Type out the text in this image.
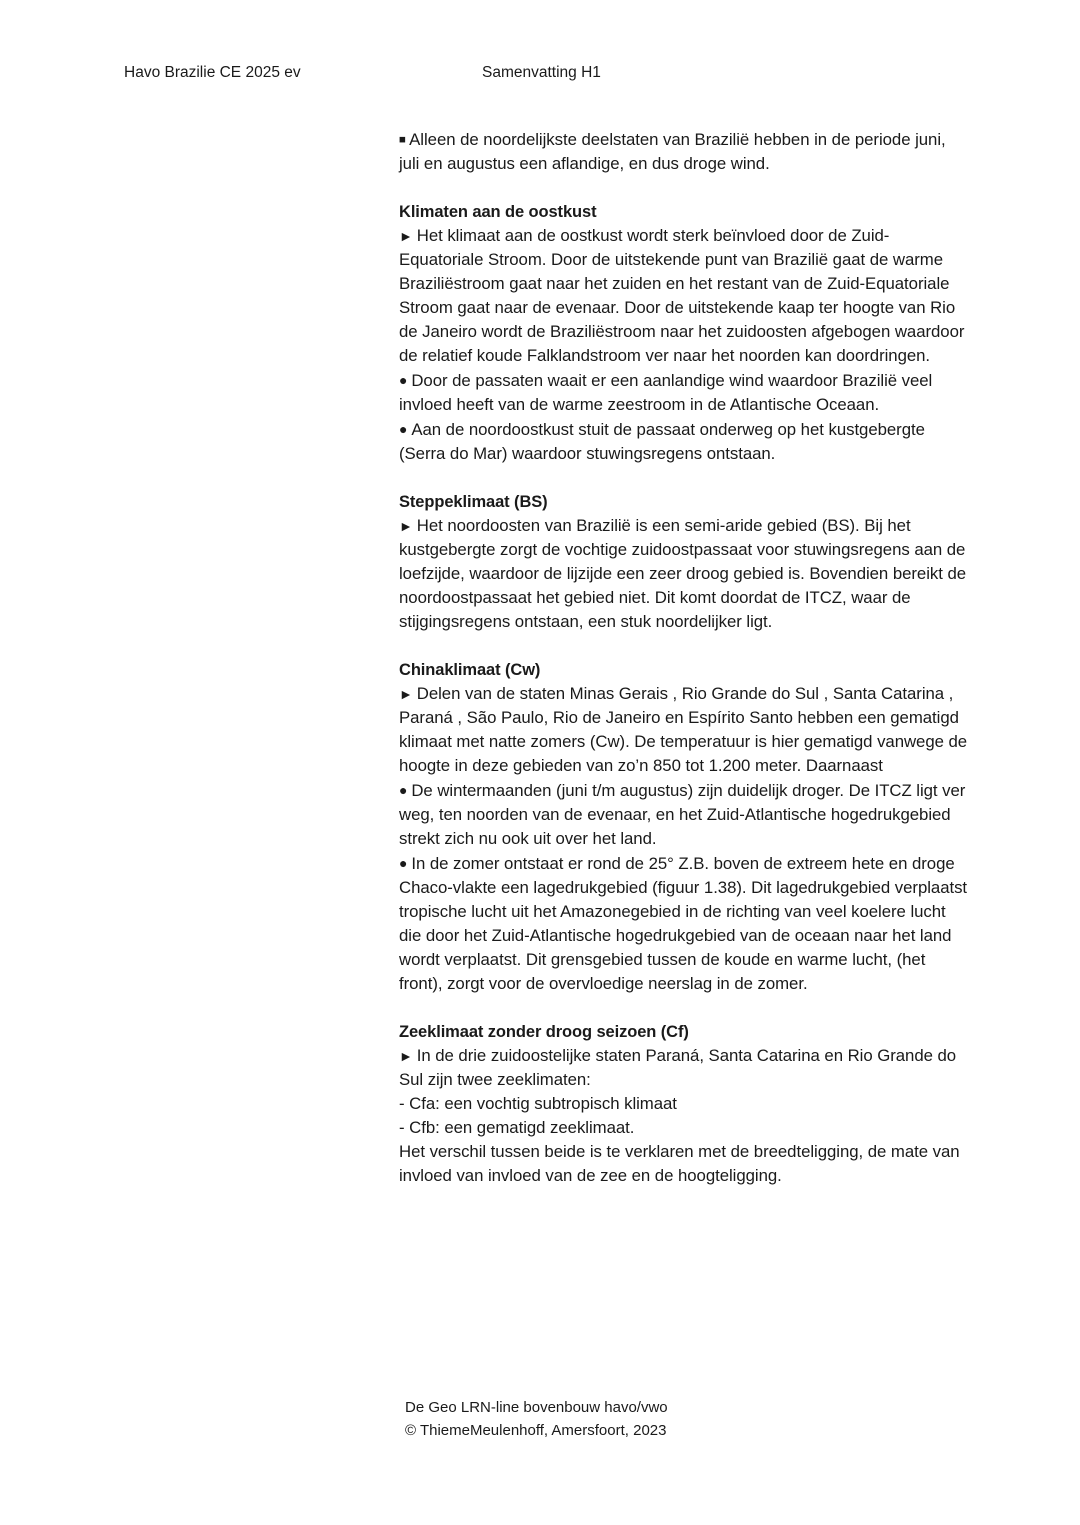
Havo Brazilie CE 2025 ev	Samenvatting H1

■ Alleen de noordelijkste deelstaten van Brazilië hebben in de periode juni, juli en augustus een aflandige, en dus droge wind.

Klimaten aan de oostkust

► Het klimaat aan de oostkust wordt sterk beïnvloed door de Zuid-Equatoriale Stroom. Door de uitstekende punt van Brazilië gaat de warme Braziliëstroom gaat naar het zuiden en het restant van de Zuid-Equatoriale Stroom gaat naar de evenaar. Door de uitstekende kaap ter hoogte van Rio de Janeiro wordt de Braziliëstroom naar het zuidoosten afgebogen waardoor de relatief koude Falklandstroom ver naar het noorden kan doordringen.

● Door de passaten waait er een aanlandige wind waardoor Brazilië veel invloed heeft van de warme zeestroom in de Atlantische Oceaan.

● Aan de noordoostkust stuit de passaat onderweg op het kustgebergte (Serra do Mar) waardoor stuwingsregens ontstaan.

Steppeklimaat (BS)

► Het noordoosten van Brazilië is een semi-aride gebied (BS). Bij het kustgebergte zorgt de vochtige zuidoostpassaat voor stuwingsregens aan de loefzijde, waardoor de lijzijde een zeer droog gebied is. Bovendien bereikt de noordoostpassaat het gebied niet. Dit komt doordat de ITCZ, waar de stijgingsregens ontstaan, een stuk noordelijker ligt.

Chinaklimaat (Cw)

► Delen van de staten Minas Gerais , Rio Grande do Sul , Santa Catarina , Paraná , São Paulo, Rio de Janeiro en Espírito Santo hebben een gematigd klimaat met natte zomers (Cw). De temperatuur is hier gematigd vanwege de hoogte in deze gebieden van zo’n 850 tot 1.200 meter. Daarnaast

● De wintermaanden (juni t/m augustus) zijn duidelijk droger. De ITCZ ligt ver weg, ten noorden van de evenaar, en het Zuid-Atlantische hogedrukgebied strekt zich nu ook uit over het land.

● In de zomer ontstaat er rond de 25° Z.B. boven de extreem hete en droge Chaco-vlakte een lagedrukgebied (figuur 1.38). Dit lagedrukgebied verplaatst tropische lucht uit het Amazonegebied in de richting van veel koelere lucht die door het Zuid-Atlantische hogedrukgebied van de oceaan naar het land wordt verplaatst. Dit grensgebied tussen de koude en warme lucht, (het front), zorgt voor de overvloedige neerslag in de zomer.

Zeeklimaat zonder droog seizoen (Cf)

► In de drie zuidoostelijke staten Paraná, Santa Catarina en Rio Grande do Sul zijn twee zeeklimaten:

- Cfa: een vochtig subtropisch klimaat

- Cfb: een gematigd zeeklimaat.

Het verschil tussen beide is te verklaren met de breedteligging, de mate van invloed van invloed van de zee en de hoogteligging.

De Geo LRN-line bovenbouw havo/vwo
© ThiemeMeulenhoff, Amersfoort, 2023
